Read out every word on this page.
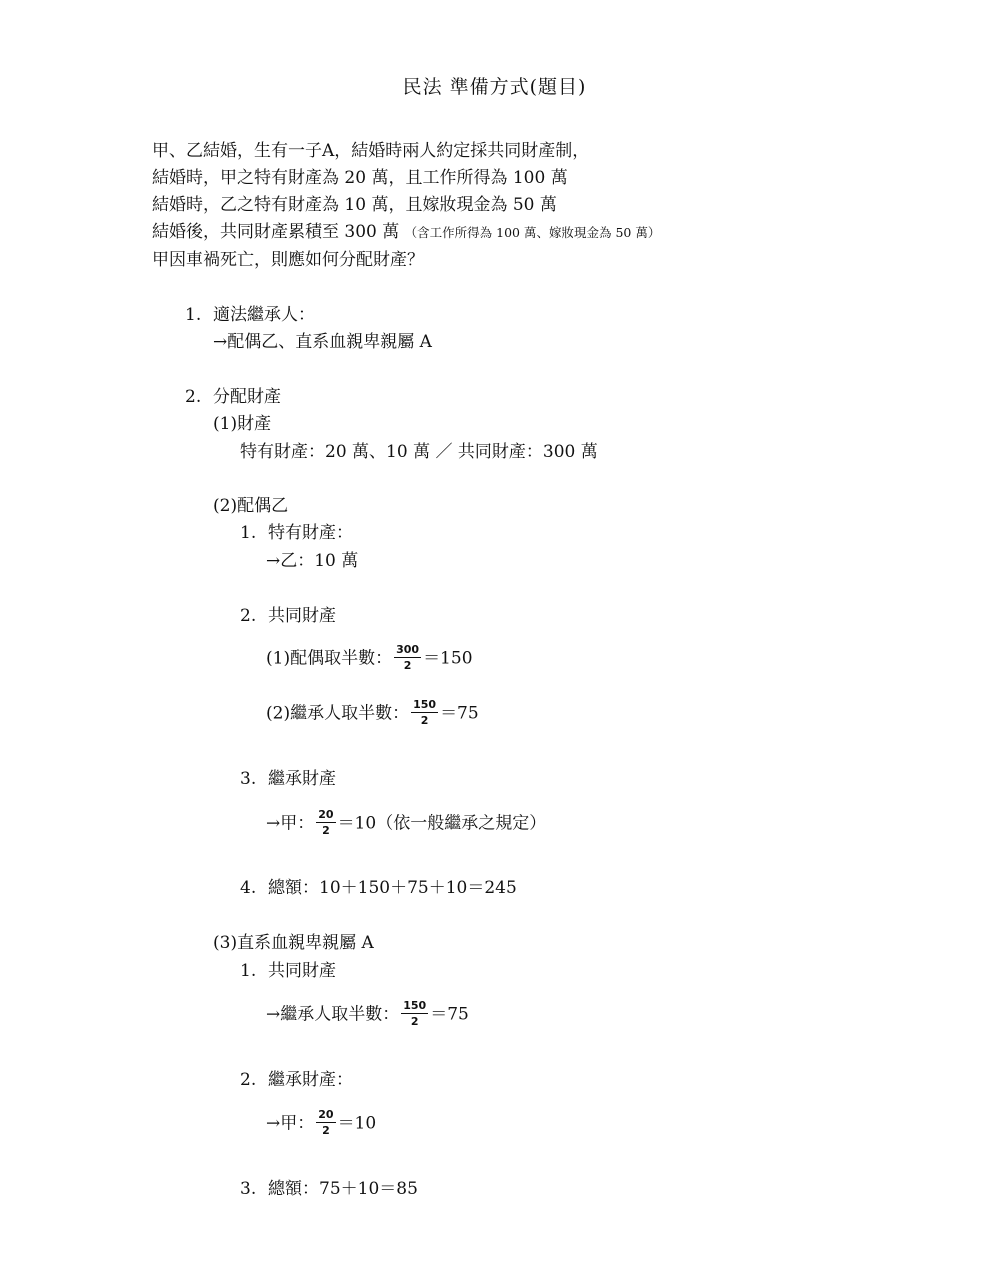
民法 準備方式(題目)
甲、乙結婚，生有一子A，結婚時兩人約定採共同財產制，
結婚時，甲之特有財產為 20 萬，且工作所得為 100 萬
結婚時，乙之特有財產為 10 萬，且嫁妝現金為 50 萬
結婚後，共同財產累積至 300 萬 （含工作所得為 100 萬、嫁妝現金為 50 萬）
甲因車禍死亡，則應如何分配財產？
1. 適法繼承人：
→配偶乙、直系血親卑親屬 A
2. 分配財產
(1)財產
特有財產：20 萬、10 萬 ／ 共同財產：300 萬
(2)配偶乙
1. 特有財產：
→乙：10 萬
2. 共同財產
(1)配偶取半數： $\frac{300}{2} =150$
(2)繼承人取半數： $\frac{150}{2} =75$
3. 繼承財產
→甲： $\frac{20}{2} =10$（依一般繼承之規定）
4. 總額：10＋150＋75＋10＝245
(3)直系血親卑親屬 A
1. 共同財產
→繼承人取半數： $\frac{150}{2} =75$
2. 繼承財產：
→甲： $\frac{20}{2} =10$
3. 總額：75＋10＝85
